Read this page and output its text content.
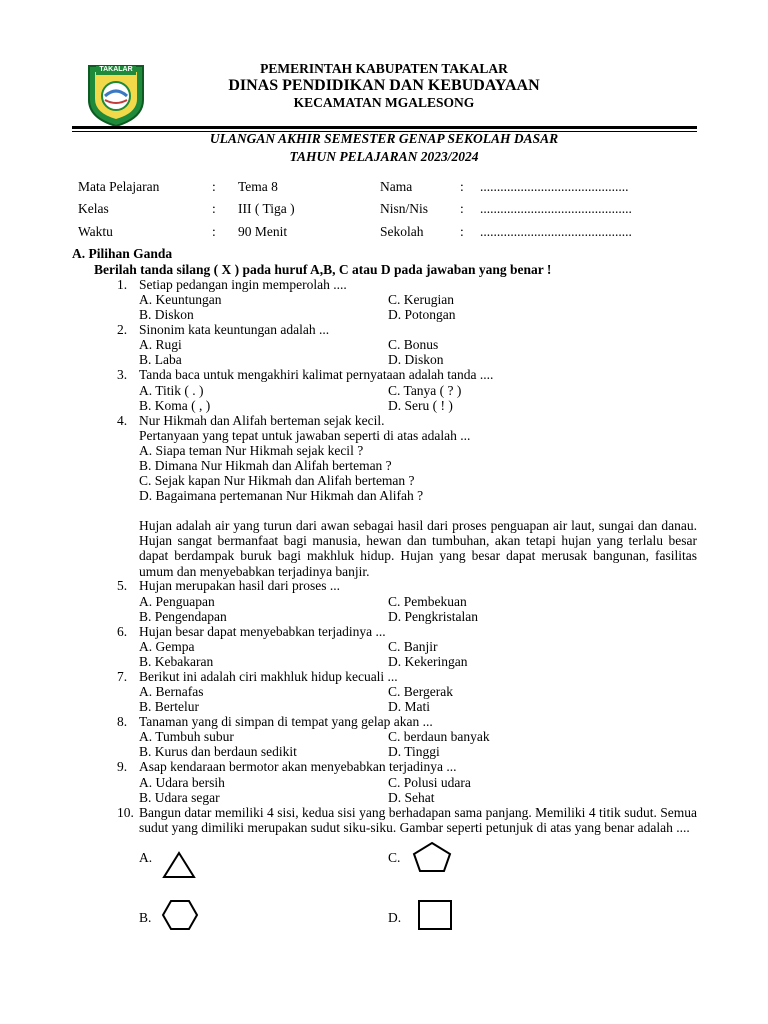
TAKALAR	PEMERINTAH KABUPATEN TAKALAR
DINAS PENDIDIKAN DAN KEBUDAYAAN
KECAMATAN MGALESONG
ULANGAN AKHIR SEMESTER GENAP SEKOLAH DASAR
TAHUN PELAJARAN 2023/2024
Mata Pelajaran	: Tema 8	Nama	: ............................................
Kelas	: III ( Tiga )	Nisn/Nis : .............................................
Waktu	: 90 Menit	Sekolah	: .............................................
A. Pilihan Ganda
Berilah tanda silang ( X ) pada huruf A,B, C atau D pada jawaban yang benar !
1. Setiap pedangan ingin memperolah ....
A. Keuntungan	C. Kerugian
B. Diskon	D. Potongan
2. Sinonim kata keuntungan adalah ...
A. Rugi	C. Bonus
B. Laba	D. Diskon
3. Tanda baca untuk mengakhiri kalimat pernyataan adalah tanda ....
A. Titik ( . )	C. Tanya ( ? )
B. Koma ( , )	D. Seru ( ! )
4. Nur Hikmah dan Alifah berteman sejak kecil.
Pertanyaan yang tepat untuk jawaban seperti di atas adalah ...
A. Siapa teman Nur Hikmah sejak kecil ?
B. Dimana Nur Hikmah dan Alifah berteman ?
C. Sejak kapan Nur Hikmah dan Alifah berteman ?
D. Bagaimana pertemanan Nur Hikmah dan Alifah ?
Hujan adalah air yang turun dari awan sebagai hasil dari proses penguapan air laut, sungai dan danau. Hujan sangat bermanfaat bagi manusia, hewan dan tumbuhan, akan tetapi hujan yang terlalu besar dapat berdampak buruk bagi makhluk hidup. Hujan yang besar dapat merusak bangunan, fasilitas umum dan menyebabkan terjadinya banjir.
5. Hujan merupakan hasil dari proses ...
A. Penguapan	C. Pembekuan
B. Pengendapan	D. Pengkristalan
6. Hujan besar dapat menyebabkan terjadinya ...
A. Gempa	C. Banjir
B. Kebakaran	D. Kekeringan
7. Berikut ini adalah ciri makhluk hidup kecuali ...
A. Bernafas	C. Bergerak
B. Bertelur	D. Mati
8. Tanaman yang di simpan di tempat yang gelap akan ...
A. Tumbuh subur	C. berdaun banyak
B. Kurus dan berdaun sedikit	D. Tinggi
9. Asap kendaraan bermotor akan menyebabkan terjadinya ...
A. Udara bersih	C. Polusi udara
B. Udara segar	D. Sehat
10. Bangun datar memiliki 4 sisi, kedua sisi yang berhadapan sama panjang. Memiliki 4 titik sudut. Semua sudut yang dimiliki merupakan sudut siku-siku. Gambar seperti petunjuk di atas yang benar adalah ....
A.	C.
B.	D.
